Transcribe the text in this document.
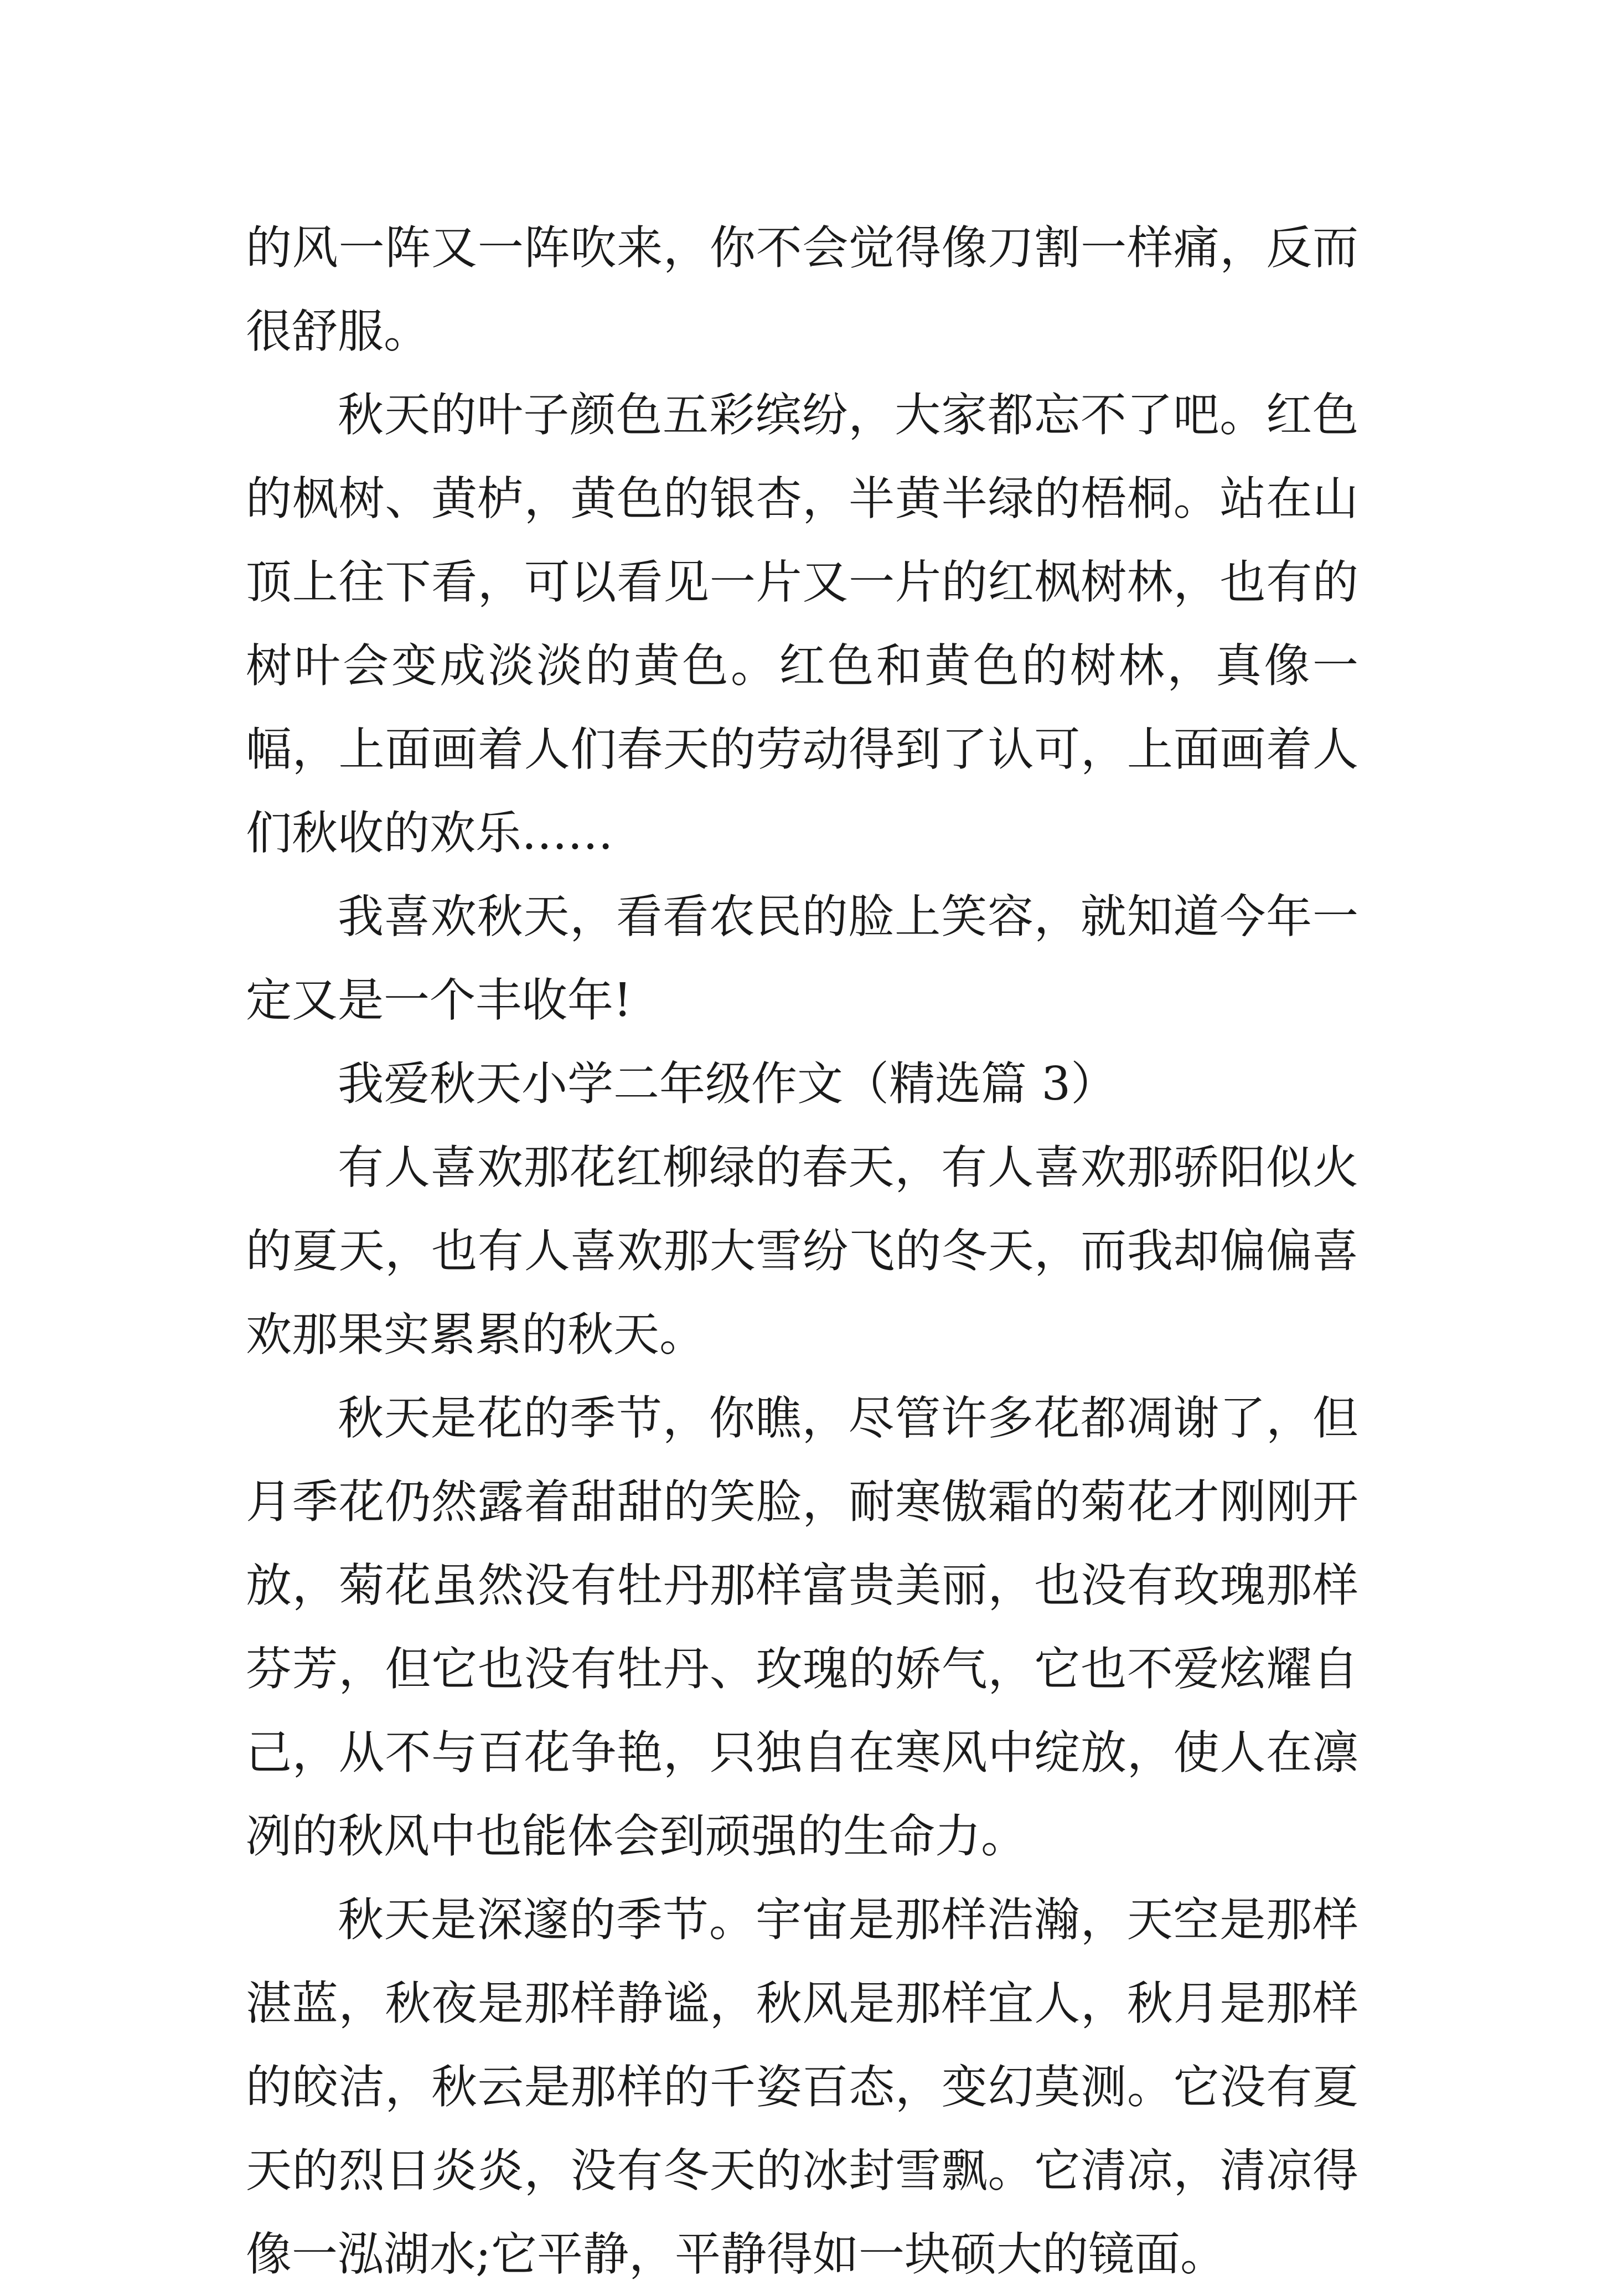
的风一阵又一阵吹来，你不会觉得像刀割一样痛，反而很舒服。

秋天的叶子颜色五彩缤纷，大家都忘不了吧。红色的枫树、黄栌，黄色的银杏，半黄半绿的梧桐。站在山顶上往下看，可以看见一片又一片的红枫树林，也有的树叶会变成淡淡的黄色。红色和黄色的树林，真像一幅，上面画着人们春天的劳动得到了认可，上面画着人们秋收的欢乐……

我喜欢秋天，看看农民的脸上笑容，就知道今年一定又是一个丰收年!

我爱秋天小学二年级作文（精选篇 3）

有人喜欢那花红柳绿的春天，有人喜欢那骄阳似火的夏天，也有人喜欢那大雪纷飞的冬天，而我却偏偏喜欢那果实累累的秋天。

秋天是花的季节，你瞧，尽管许多花都凋谢了，但月季花仍然露着甜甜的笑脸，耐寒傲霜的菊花才刚刚开放，菊花虽然没有牡丹那样富贵美丽，也没有玫瑰那样芬芳，但它也没有牡丹、玫瑰的娇气，它也不爱炫耀自己，从不与百花争艳，只独自在寒风中绽放，使人在凛冽的秋风中也能体会到顽强的生命力。

秋天是深邃的季节。宇宙是那样浩瀚，天空是那样湛蓝，秋夜是那样静谧，秋风是那样宜人，秋月是那样的皎洁，秋云是那样的千姿百态，变幻莫测。它没有夏天的烈日炎炎，没有冬天的冰封雪飘。它清凉，清凉得像一泓湖水;它平静，平静得如一块硕大的镜面。
